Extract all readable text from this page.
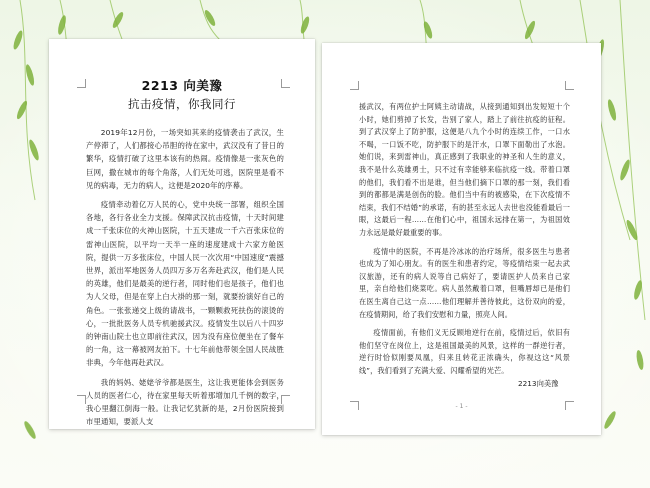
2213 向美豫
抗击疫情，你我同行

2019年12月份，一场突如其来的疫情袭击了武汉，生产停滞了，人们都接心吊胆的待在家中，武汉没有了昔日的繁华，疫情打破了这里本该有的热闹。疫情像是一张灰色的巨网，撒在城市的每个角落，人们无处可逃，医院里是看不见的病毒，无力的病人，这便是2020年的序幕。

疫情牵动着亿万人民的心，党中央统一部署，组织全国各地，各行各业全力支援。保障武汉抗击疫情，十天时间建成一千张床位的火神山医院，十五天建成一千六百张床位的雷神山医院，以平均一天半一座的速度建成十六家方舱医院，提供一万多张床位，中国人民一次次用“中国速度”震撼世界，派出军地医务人员四万多万名奔赴武汉，他们是人民的英雄，他们是最美的逆行者，同时他们也是孩子，他们也为人父母，但是在穿上白大褂的那一刻，就要扮演好自己的角色。一张张递交上级的请战书，一颗颗救死扶伤的滚烫的心，一批批医务人员专机驰援武汉。疫情发生以后八十四岁的钟南山院士也立即前往武汉，因为没有座位便坐在了餐车的一角，这一幕被网友拍下。十七年前他带领全国人民战胜非典，今年他再赴武汉。

我的妈妈、姥姥爷爷都是医生，这让我更能体会到医务人员的医者仁心，待在家里每天听着那增加几千例的数字，我心里翻江倒海一般。让我记忆犹新的是，2月份医院接到市里通知，要派人支

援武汉，有两位护士阿姨主动请战，从接到通知到出发短短十个小时，她们剪掉了长发，告别了家人，踏上了前往抗疫的征程。到了武汉穿上了防护服，这便是八九个小时的连续工作，一口水不喝，一口饭不吃，防护服下的是汗水，口罩下面勒出了水泡。她们说，来到雷神山，真正感到了我职业的神圣和人生的意义，我不是什么英雄勇士，只不过有幸能够来临抗疫一线。带着口罩的他们，我们看不出是谁，但当他们摘下口罩的那一刻，我们看到的都都是满是创伤的脸。他们当中有的被感染，在下次疫情不结束，我们不结婚”的承诺，有的甚至永远人去世也没能看最后一眼，这最后一程……在他们心中，祖国永远排在第一，为祖国效力永远是最好最重要的事。

疫情中的医院，不再是冷冰冰的治疗场所，很多医生与患者也成为了知心朋友。有的医生和患者约定，等疫情结束一起去武汉旅游，还有的病人说等自己病好了，要请医护人员来自己家里，亲自给他们烧菜吃。病人虽然戴着口罩，但嘴唇却已是他们在医生离自己这一点……他们理解并善待彼此，这份双向的爱，在疫情期间，给了我们安慰和力量，照亮人间。

疫情面前，有他们义无反顾地逆行在前，疫情过后，依旧有他们坚守在岗位上，这是祖国最美的风景，这样的一群逆行者，逆行时恰似刚要凤凰，归来且转花正浓确头，你视这这“风景线”，我们看到了充满大爱、闪耀希望的光芒。

2213向美豫
- 1 -
